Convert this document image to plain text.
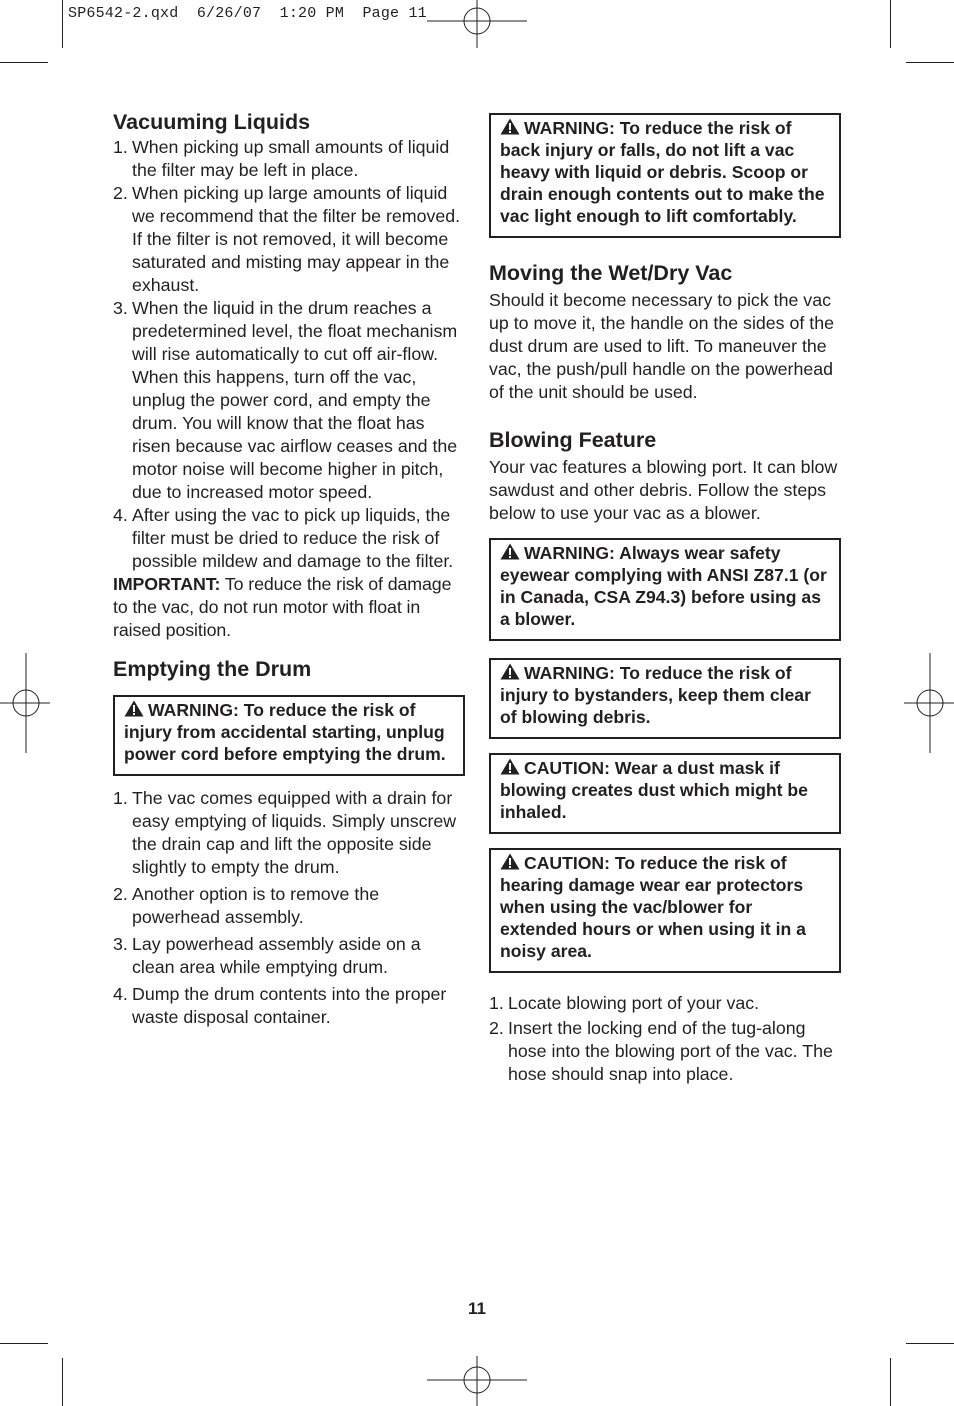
SP6542-2.qxd  6/26/07  1:20 PM  Page 11
Vacuuming Liquids
1. When picking up small amounts of liquid the filter may be left in place.
2. When picking up large amounts of liquid we recommend that the filter be removed. If the filter is not removed, it will become saturated and misting may appear in the exhaust.
3. When the liquid in the drum reaches a predetermined level, the float mechanism will rise automatically to cut off air-flow. When this happens, turn off the vac, unplug the power cord, and empty the drum. You will know that the float has risen because vac airflow ceases and the motor noise will become higher in pitch, due to increased motor speed.
4. After using the vac to pick up liquids, the filter must be dried to reduce the risk of possible mildew and damage to the filter.

IMPORTANT: To reduce the risk of damage to the vac, do not run motor with float in raised position.

Emptying the Drum
WARNING: To reduce the risk of injury from accidental starting, unplug power cord before emptying the drum.
1. The vac comes equipped with a drain for easy emptying of liquids. Simply unscrew the drain cap and lift the opposite side slightly to empty the drum.
2. Another option is to remove the powerhead assembly.
3. Lay powerhead assembly aside on a clean area while emptying drum.
4. Dump the drum contents into the proper waste disposal container.
WARNING: To reduce the risk of back injury or falls, do not lift a vac heavy with liquid or debris. Scoop or drain enough contents out to make the vac light enough to lift comfortably.
Moving the Wet/Dry Vac

Should it become necessary to pick the vac up to move it, the handle on the sides of the dust drum are used to lift. To maneuver the vac, the push/pull handle on the powerhead of the unit should be used.

Blowing Feature

Your vac features a blowing port. It can blow sawdust and other debris. Follow the steps below to use your vac as a blower.

WARNING: Always wear safety eyewear complying with ANSI Z87.1 (or in Canada, CSA Z94.3) before using as a blower.
WARNING: To reduce the risk of injury to bystanders, keep them clear of blowing debris.
CAUTION: Wear a dust mask if blowing creates dust which might be inhaled.
CAUTION: To reduce the risk of hearing damage wear ear protectors when using the vac/blower for extended hours or when using it in a noisy area.
1. Locate blowing port of your vac.
2. Insert the locking end of the tug-along hose into the blowing port of the vac. The hose should snap into place.
11
